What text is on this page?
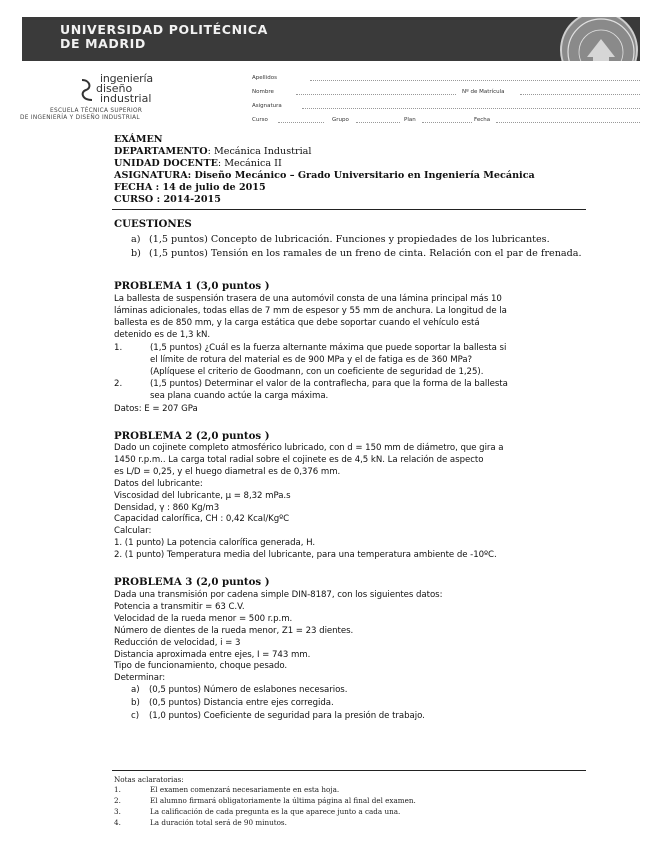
UNIVERSIDAD POLITÉCNICA
DE MADRID
ingeniería
diseño
industrial
ESCUELA TÉCNICA SUPERIOR
DE INGENIERÍA Y DISEÑO INDUSTRIAL
Apellidos
Nombre	Nº de Matrícula
Asignatura
Curso	Grupo	Plan	Fecha
EXÁMEN
DEPARTAMENTO: Mecánica Industrial
UNIDAD DOCENTE: Mecánica II
ASIGNATURA: Diseño Mecánico – Grado Universitario en Ingeniería Mecánica
FECHA : 14 de julio de 2015
CURSO : 2014-2015
CUESTIONES
a) (1,5 puntos) Concepto de lubricación. Funciones y propiedades de los lubricantes.
b) (1,5 puntos) Tensión en los ramales de un freno de cinta. Relación con el par de frenada.
PROBLEMA 1 (3,0 puntos )
La ballesta de suspensión trasera de una automóvil consta de una lámina principal más 10
láminas adicionales, todas ellas de 7 mm de espesor y 55 mm de anchura. La longitud de la
ballesta es de 850 mm, y la carga estática que debe soportar cuando el vehículo está
detenido es de 1,3 kN.
1.	(1,5 puntos) ¿Cuál es la fuerza alternante máxima que puede soportar la ballesta si
el límite de rotura del material es de 900 MPa y el de fatiga es de 360 MPa?
(Aplíquese el criterio de Goodmann, con un coeficiente de seguridad de 1,25).
2.	(1,5 puntos) Determinar el valor de la contraflecha, para que la forma de la ballesta
sea plana cuando actúe la carga máxima.
Datos: E = 207 GPa
PROBLEMA 2 (2,0 puntos )
Dado un cojinete completo atmosférico lubricado, con d = 150 mm de diámetro, que gira a
1450 r.p.m.. La carga total radial sobre el cojinete es de 4,5 kN. La relación de aspecto
es L/D = 0,25, y el huego diametral es de 0,376 mm.
Datos del lubricante:
Viscosidad del lubricante, μ = 8,32 mPa.s
Densidad, γ : 860 Kg/m3
Capacidad calorífica, CH : 0,42 Kcal/KgºC
Calcular:
1. (1 punto) La potencia calorífica generada, H.
2. (1 punto) Temperatura media del lubricante, para una temperatura ambiente de -10ºC.
PROBLEMA 3 (2,0 puntos )
Dada una transmisión por cadena simple DIN-8187, con los siguientes datos:
Potencia a transmitir = 63 C.V.
Velocidad de la rueda menor = 500 r.p.m.
Número de dientes de la rueda menor, Z1 = 23 dientes.
Reducción de velocidad, i = 3
Distancia aproximada entre ejes, I = 743 mm.
Tipo de funcionamiento, choque pesado.
Determinar:
a) (0,5 puntos) Número de eslabones necesarios.
b) (0,5 puntos) Distancia entre ejes corregida.
c) (1,0 puntos) Coeficiente de seguridad para la presión de trabajo.
Notas aclaratorias:
1.	El examen comenzará necesariamente en esta hoja.
2.	El alumno firmará obligatoriamente la última página al final del examen.
3.	La calificación de cada pregunta es la que aparece junto a cada una.
4.	La duración total será de 90 minutos.
